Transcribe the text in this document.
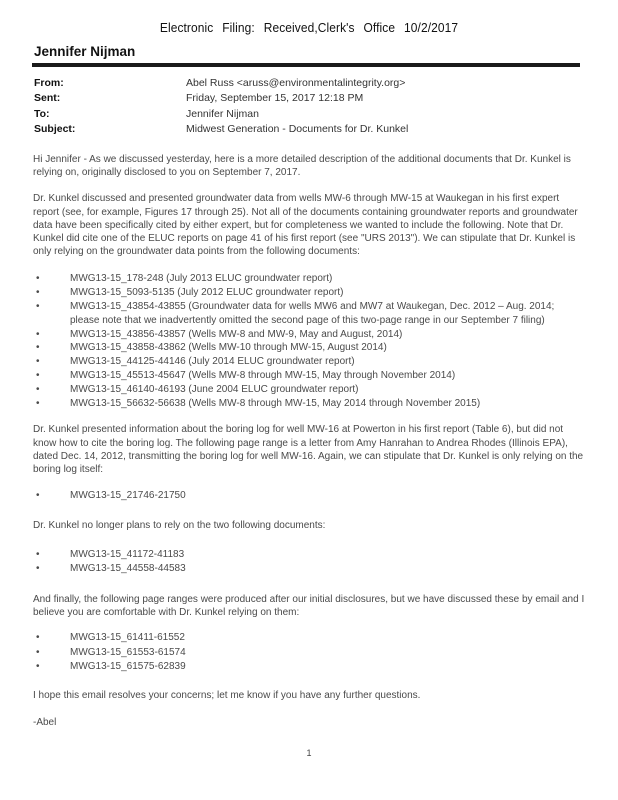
Electronic Filing: Received,Clerk's Office 10/2/2017
Jennifer Nijman
From:	Abel Russ <aruss@environmentalintegrity.org>
Sent:	Friday, September 15, 2017 12:18 PM
To:	Jennifer Nijman
Subject:	Midwest Generation - Documents for Dr. Kunkel

Hi Jennifer - As we discussed yesterday, here is a more detailed description of the additional documents that Dr. Kunkel is relying on, originally disclosed to you on September 7, 2017.

Dr. Kunkel discussed and presented groundwater data from wells MW-6 through MW-15 at Waukegan in his first expert report (see, for example, Figures 17 through 25). Not all of the documents containing groundwater reports and groundwater data have been specifically cited by either expert, but for completeness we wanted to include the following. Note that Dr. Kunkel did cite one of the ELUC reports on page 41 of his first report (see "URS 2013"). We can stipulate that Dr. Kunkel is only relying on the groundwater data points from the following documents:

•	MWG13-15_178-248 (July 2013 ELUC groundwater report)
•	MWG13-15_5093-5135 (July 2012 ELUC groundwater report)
•	MWG13-15_43854-43855 (Groundwater data for wells MW6 and MW7 at Waukegan, Dec. 2012 – Aug. 2014; please note that we inadvertently omitted the second page of this two-page range in our September 7 filing)
•	MWG13-15_43856-43857 (Wells MW-8 and MW-9, May and August, 2014)
•	MWG13-15_43858-43862 (Wells MW-10 through MW-15, August 2014)
•	MWG13-15_44125-44146 (July 2014 ELUC groundwater report)
•	MWG13-15_45513-45647 (Wells MW-8 through MW-15, May through November 2014)
•	MWG13-15_46140-46193 (June 2004 ELUC groundwater report)
•	MWG13-15_56632-56638 (Wells MW-8 through MW-15, May 2014 through November 2015)

Dr. Kunkel presented information about the boring log for well MW-16 at Powerton in his first report (Table 6), but did not know how to cite the boring log. The following page range is a letter from Amy Hanrahan to Andrea Rhodes (Illinois EPA), dated Dec. 14, 2012, transmitting the boring log for well MW-16. Again, we can stipulate that Dr. Kunkel is only relying on the boring log itself:

•	MWG13-15_21746-21750

Dr. Kunkel no longer plans to rely on the two following documents:

•	MWG13-15_41172-41183
•	MWG13-15_44558-44583

And finally, the following page ranges were produced after our initial disclosures, but we have discussed these by email and I believe you are comfortable with Dr. Kunkel relying on them:

•	MWG13-15_61411-61552
•	MWG13-15_61553-61574
•	MWG13-15_61575-62839

I hope this email resolves your concerns; let me know if you have any further questions.

-Abel

1
